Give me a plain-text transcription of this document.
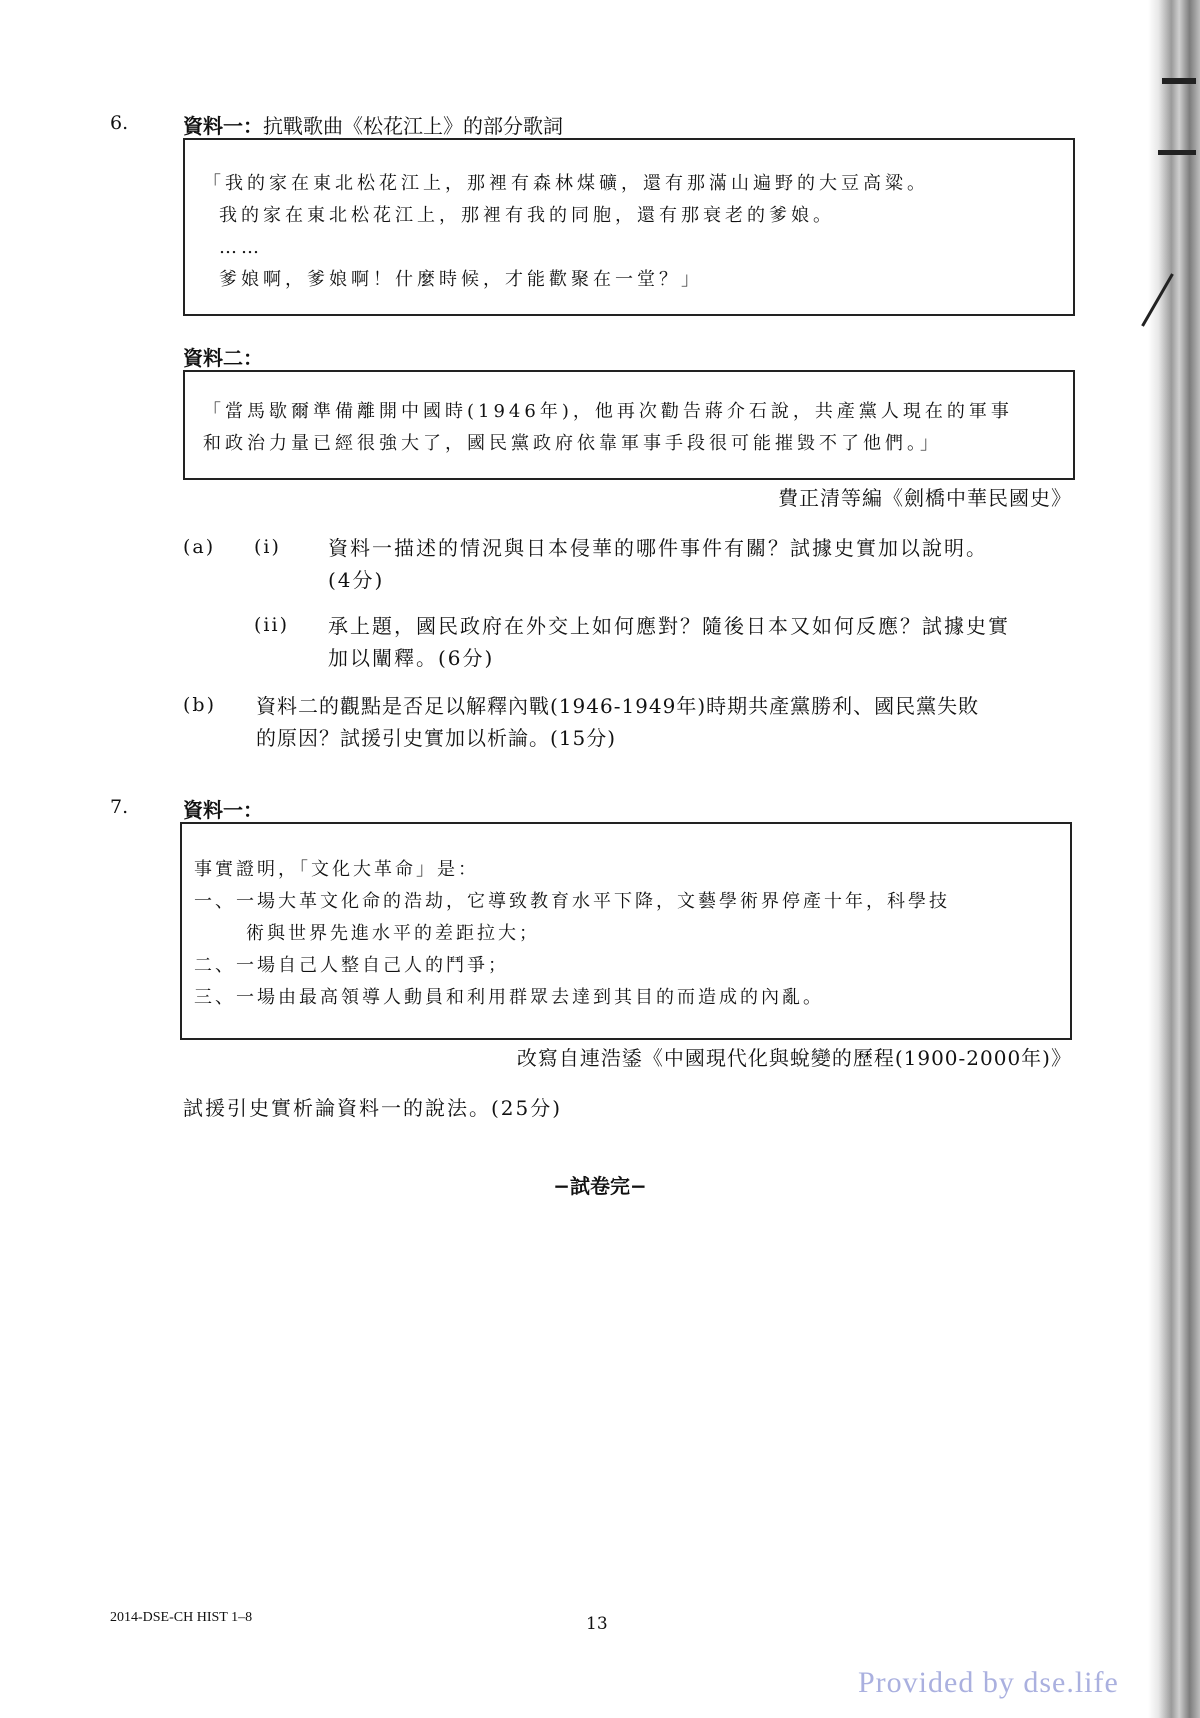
6.	資料一：抗戰歌曲《松花江上》的部分歌詞
「我的家在東北松花江上，那裡有森林煤礦，還有那滿山遍野的大豆高粱。
我的家在東北松花江上，那裡有我的同胞，還有那衰老的爹娘。
……
爹娘啊，爹娘啊！什麼時候，才能歡聚在一堂？」
資料二：
「當馬歇爾準備離開中國時(1946年)，他再次勸告蔣介石說，共產黨人現在的軍事
和政治力量已經很強大了，國民黨政府依靠軍事手段很可能摧毀不了他們。」
費正清等編《劍橋中華民國史》
(a) (i) 資料一描述的情況與日本侵華的哪件事件有關？試據史實加以說明。
(4分)
(ii) 承上題，國民政府在外交上如何應對？隨後日本又如何反應？試據史實
加以闡釋。(6分)
(b) 資料二的觀點是否足以解釋內戰(1946-1949年)時期共產黨勝利、國民黨失敗
的原因？試援引史實加以析論。(15分)
7.	資料一：
事實證明，「文化大革命」是：
一、一場大革文化命的浩劫，它導致教育水平下降，文藝學術界停產十年，科學技
術與世界先進水平的差距拉大；
二、一場自己人整自己人的鬥爭；
三、一場由最高領導人動員和利用群眾去達到其目的而造成的內亂。
改寫自連浩鋈《中國現代化與蛻變的歷程(1900-2000年)》
試援引史實析論資料一的說法。(25分)
−試卷完−
2014-DSE-CH HIST 1–8	13
Provided by dse.life
